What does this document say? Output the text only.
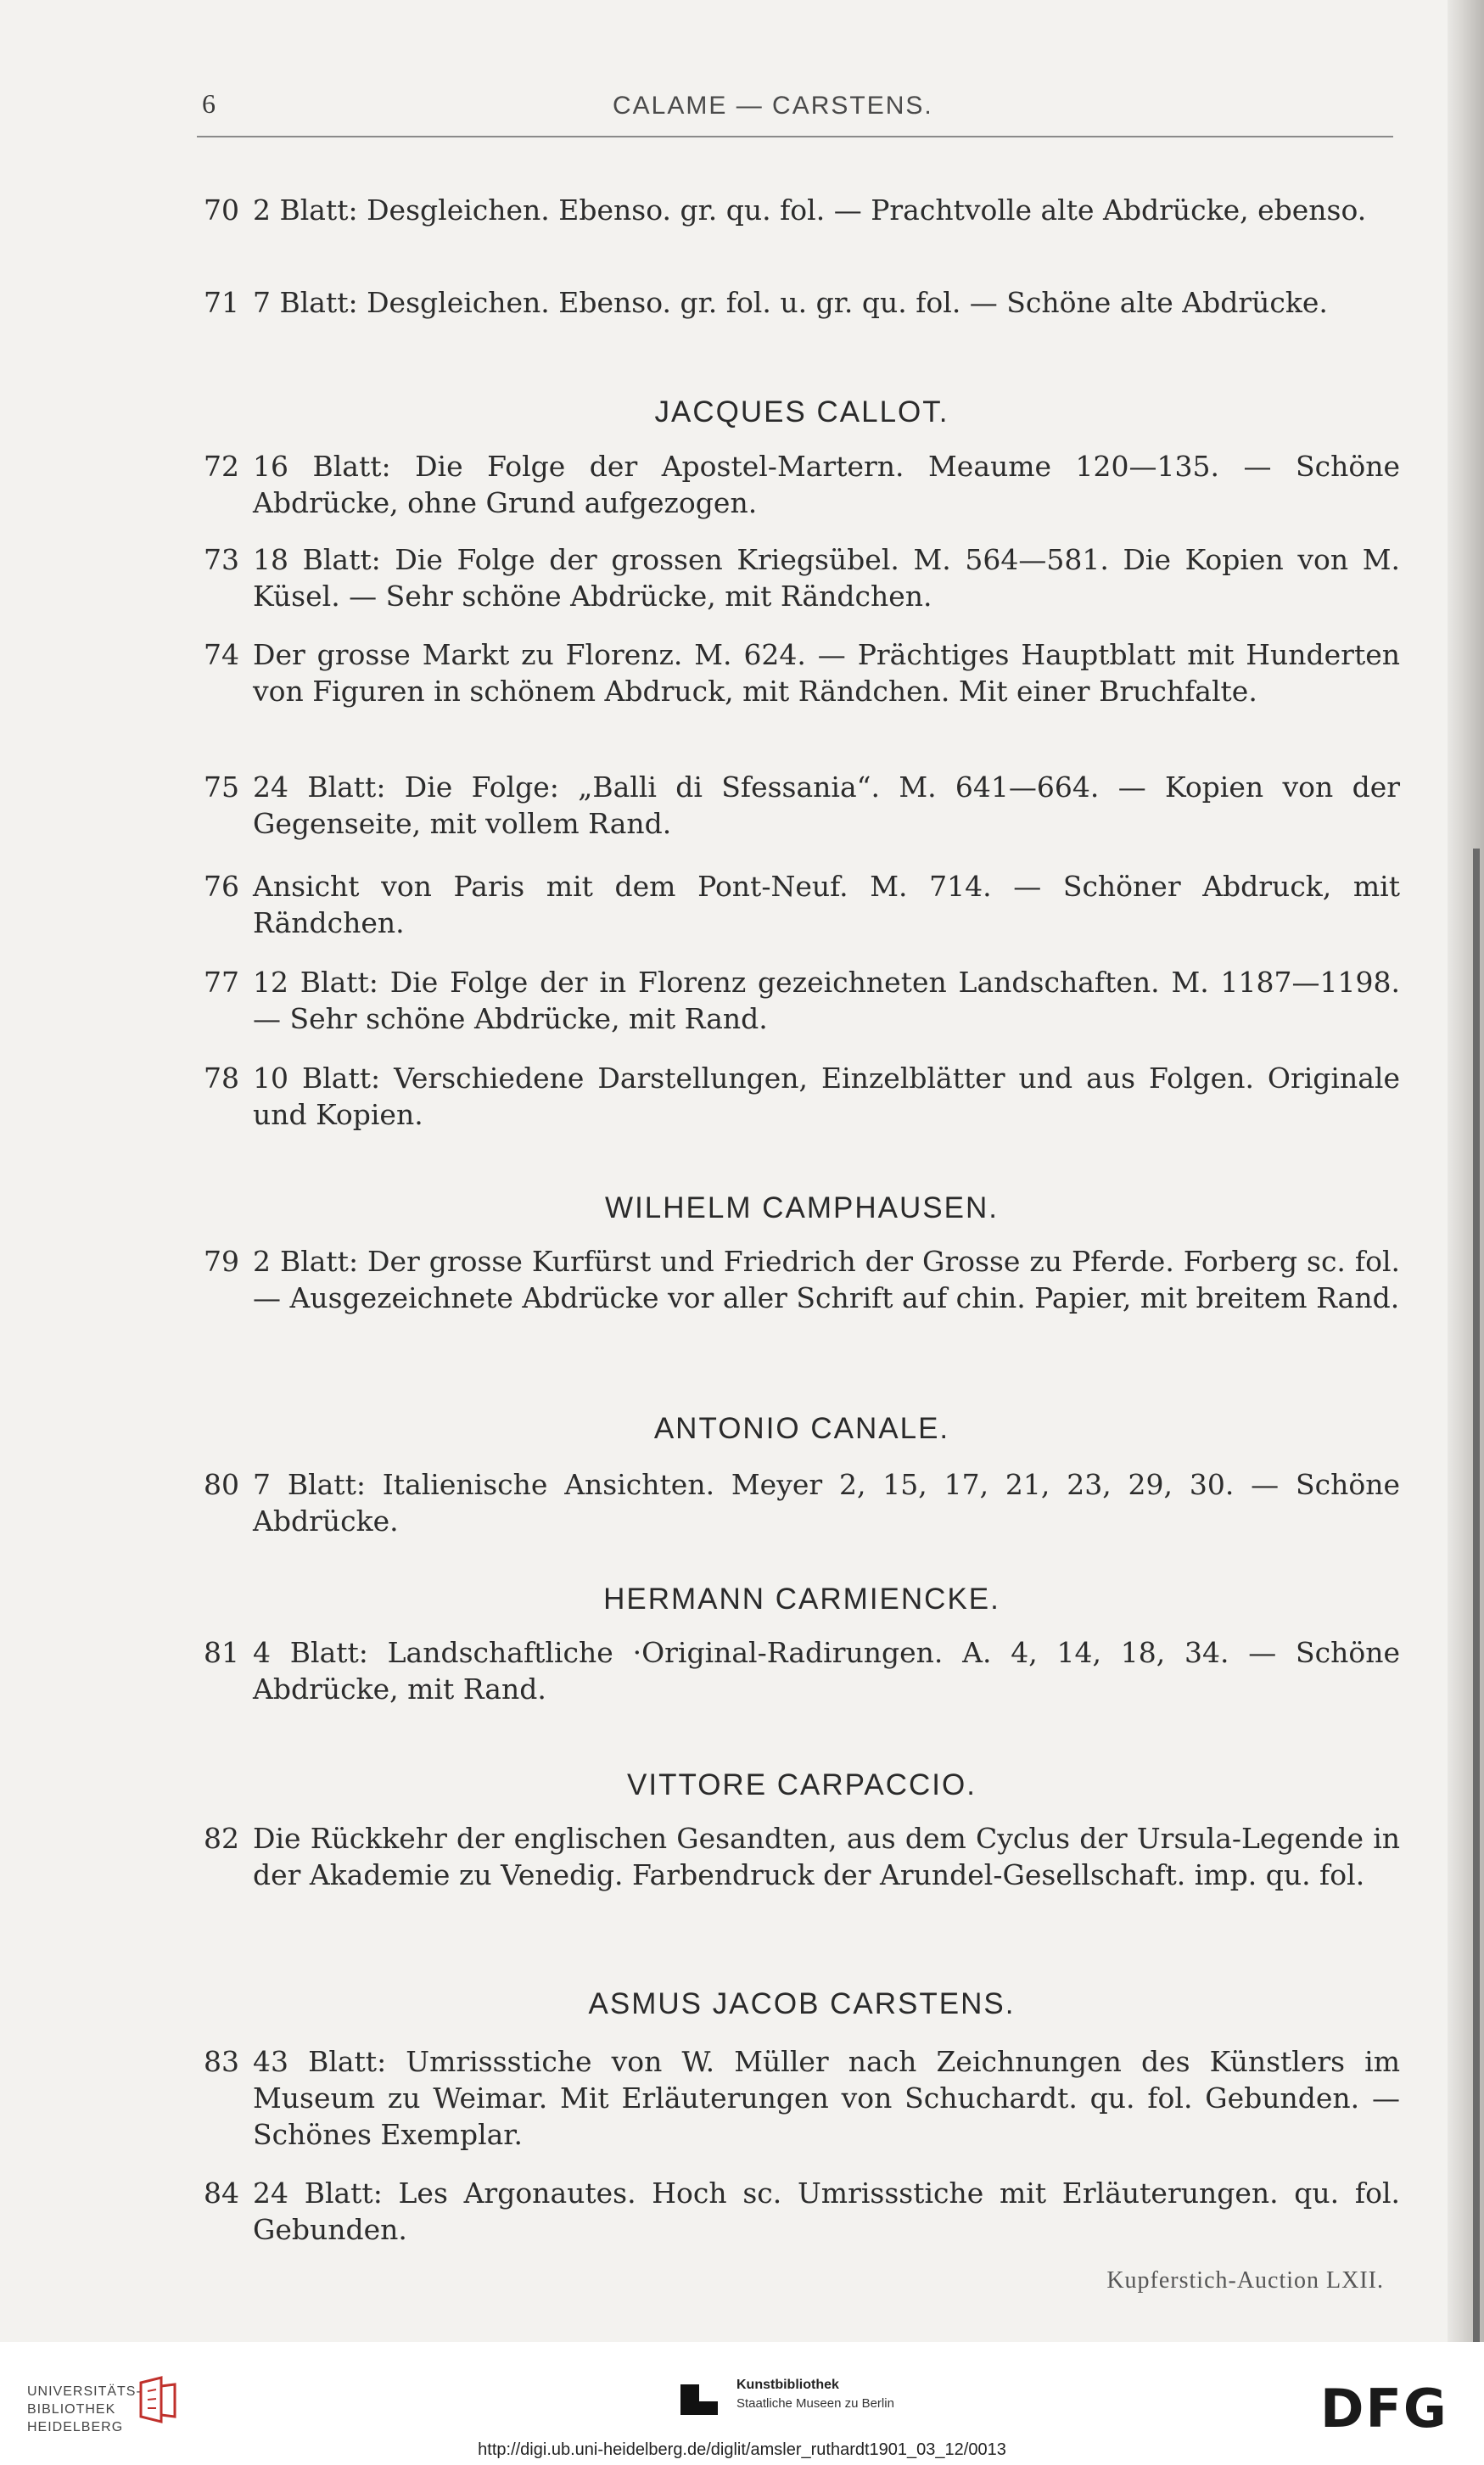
6	CALAME — CARSTENS.
70 2 Blatt: Desgleichen. Ebenso. gr. qu. fol. — Prachtvolle alte Abdrücke, ebenso.
71 7 Blatt: Desgleichen. Ebenso. gr. fol. u. gr. qu. fol. — Schöne alte Abdrücke.
JACQUES CALLOT.
72 16 Blatt: Die Folge der Apostel-Martern. Meaume 120—135. — Schöne Abdrücke, ohne Grund aufgezogen.
73 18 Blatt: Die Folge der grossen Kriegsübel. M. 564—581. Die Kopien von M. Küsel. — Sehr schöne Abdrücke, mit Rändchen.
74 Der grosse Markt zu Florenz. M. 624. — Prächtiges Hauptblatt mit Hunderten von Figuren in schönem Abdruck, mit Rändchen. Mit einer Bruchfalte.
75 24 Blatt: Die Folge: „Balli di Sfessania“. M. 641—664. — Kopien von der Gegenseite, mit vollem Rand.
76 Ansicht von Paris mit dem Pont-Neuf. M. 714. — Schöner Abdruck, mit Rändchen.
77 12 Blatt: Die Folge der in Florenz gezeichneten Landschaften. M. 1187—1198. — Sehr schöne Abdrücke, mit Rand.
78 10 Blatt: Verschiedene Darstellungen, Einzelblätter und aus Folgen. Originale und Kopien.
WILHELM CAMPHAUSEN.
79 2 Blatt: Der grosse Kurfürst und Friedrich der Grosse zu Pferde. Forberg sc. fol. — Ausgezeichnete Abdrücke vor aller Schrift auf chin. Papier, mit breitem Rand.
ANTONIO CANALE.
80 7 Blatt: Italienische Ansichten. Meyer 2, 15, 17, 21, 23, 29, 30. — Schöne Abdrücke.
HERMANN CARMIENCKE.
81 4 Blatt: Landschaftliche ·Original-Radirungen. A. 4, 14, 18, 34. — Schöne Abdrücke, mit Rand.
VITTORE CARPACCIO.
82 Die Rückkehr der englischen Gesandten, aus dem Cyclus der Ursula-Legende in der Akademie zu Venedig. Farbendruck der Arundel-Gesellschaft. imp. qu. fol.
ASMUS JACOB CARSTENS.
83 43 Blatt: Umrissstiche von W. Müller nach Zeichnungen des Künstlers im Museum zu Weimar. Mit Erläuterungen von Schuchardt. qu. fol. Gebunden. — Schönes Exemplar.
84 24 Blatt: Les Argonautes. Hoch sc. Umrissstiche mit Erläuterungen. qu. fol. Gebunden.
Kupferstich-Auction LXII.
UNIVERSITÄTS-
BIBLIOTHEK
HEIDELBERG
Kunstbibliothek
Staatliche Museen zu Berlin	DFG
http://digi.ub.uni-heidelberg.de/diglit/amsler_ruthardt1901_03_12/0013
